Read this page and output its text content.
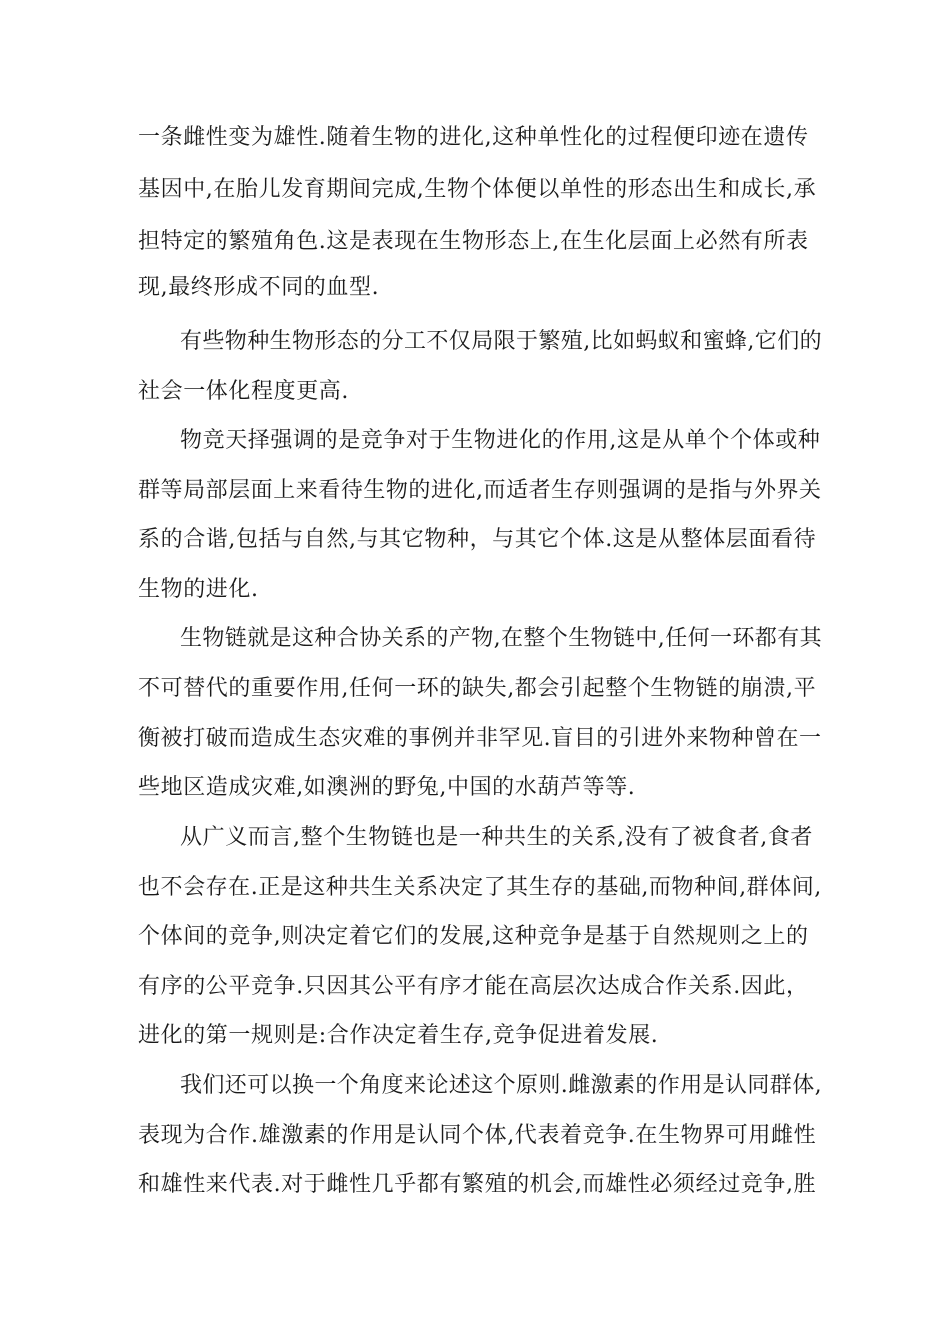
一条雌性变为雄性.随着生物的进化,这种单性化的过程便印迹在遗传
基因中,在胎儿发育期间完成,生物个体便以单性的形态出生和成长,承
担特定的繁殖角色.这是表现在生物形态上,在生化层面上必然有所表
现,最终形成不同的血型.
有些物种生物形态的分工不仅局限于繁殖,比如蚂蚁和蜜蜂,它们的
社会一体化程度更高.
物竞天择强调的是竞争对于生物进化的作用,这是从单个个体或种
群等局部层面上来看待生物的进化,而适者生存则强调的是指与外界关
系的合谐,包括与自然,与其它物种，与其它个体.这是从整体层面看待
生物的进化.
生物链就是这种合协关系的产物,在整个生物链中,任何一环都有其
不可替代的重要作用,任何一环的缺失,都会引起整个生物链的崩溃,平
衡被打破而造成生态灾难的事例并非罕见.盲目的引进外来物种曾在一
些地区造成灾难,如澳洲的野兔,中国的水葫芦等等.
从广义而言,整个生物链也是一种共生的关系,没有了被食者,食者
也不会存在.正是这种共生关系决定了其生存的基础,而物种间,群体间,
个体间的竞争,则决定着它们的发展,这种竞争是基于自然规则之上的
有序的公平竞争.只因其公平有序才能在高层次达成合作关系.因此，
进化的第一规则是:合作决定着生存,竞争促进着发展.
我们还可以换一个角度来论述这个原则.雌激素的作用是认同群体,
表现为合作.雄激素的作用是认同个体,代表着竞争.在生物界可用雌性
和雄性来代表.对于雌性几乎都有繁殖的机会,而雄性必须经过竞争,胜
